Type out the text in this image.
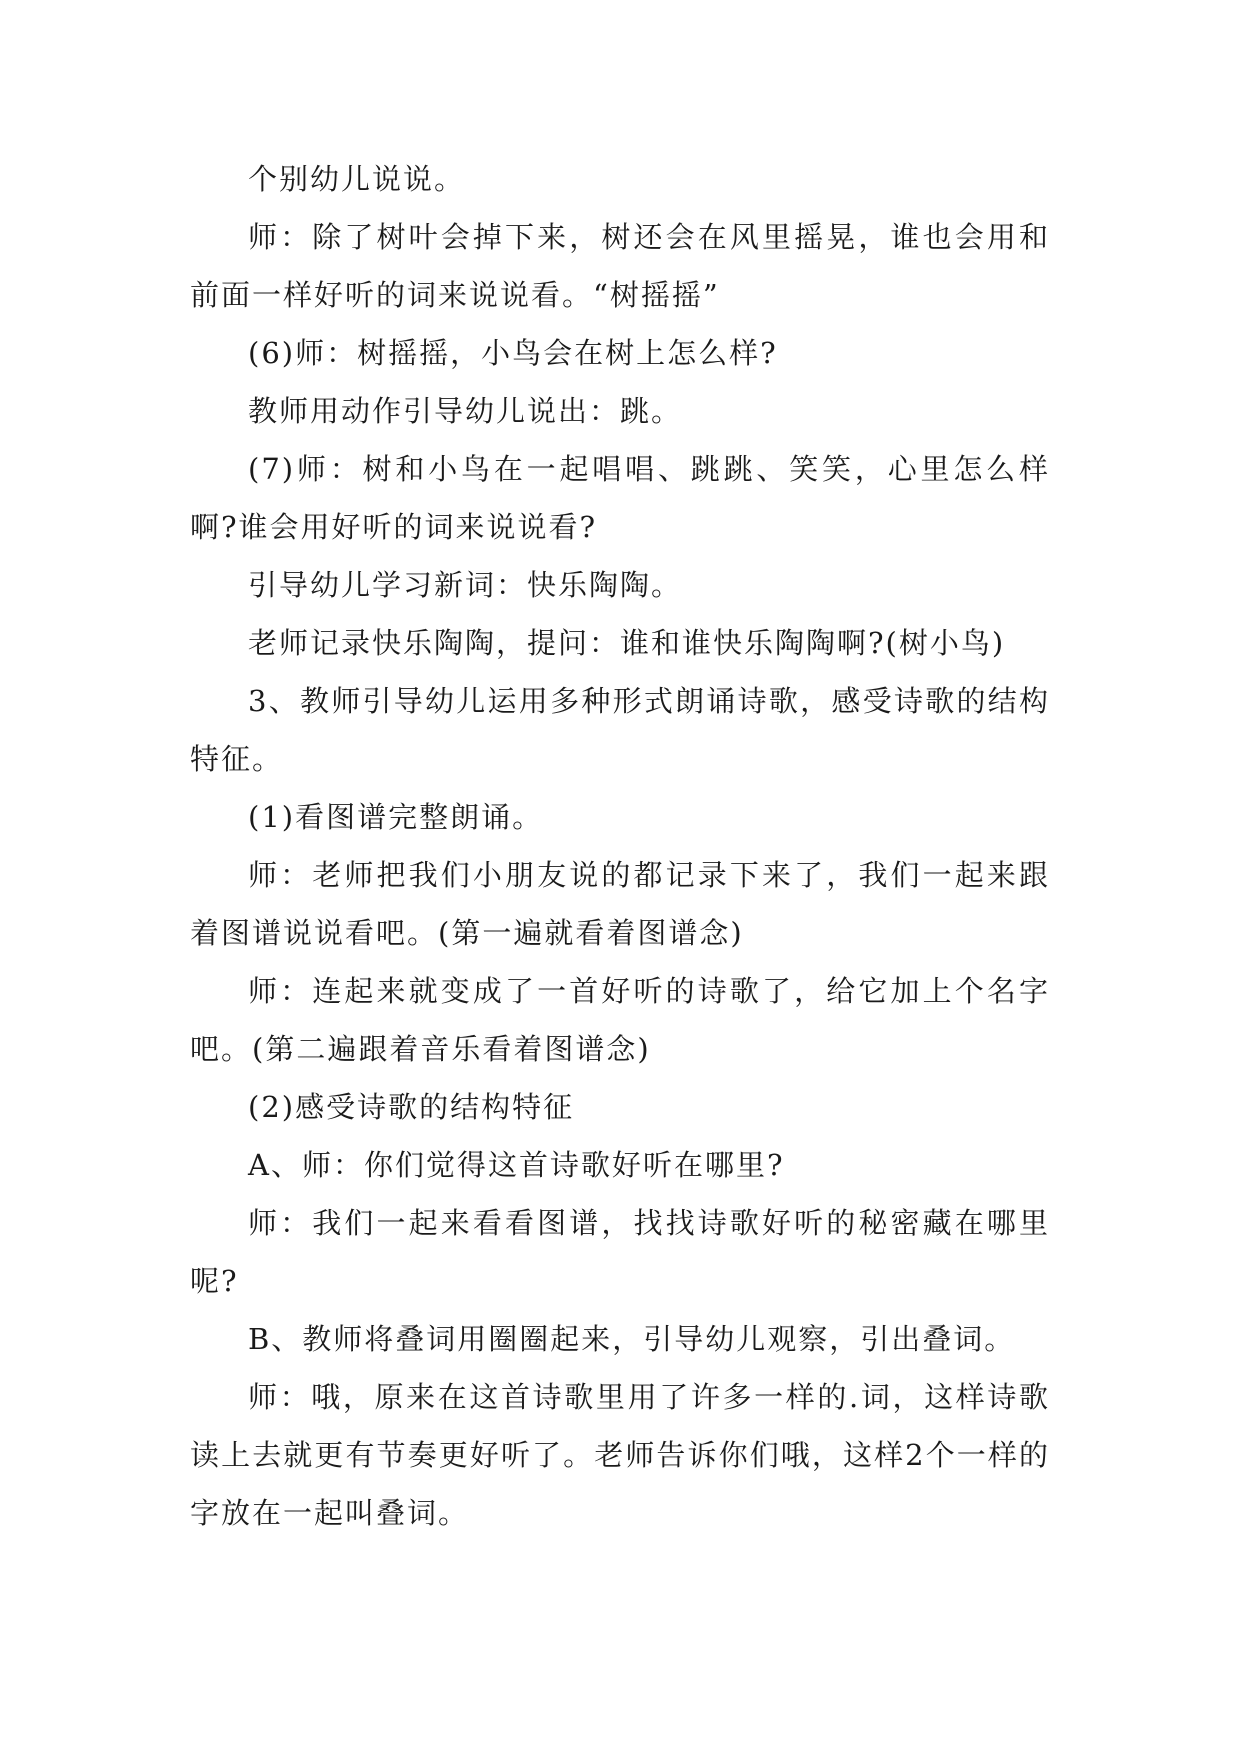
个别幼儿说说。

师：除了树叶会掉下来，树还会在风里摇晃，谁也会用和前面一样好听的词来说说看。“树摇摇”

(6)师：树摇摇，小鸟会在树上怎么样?

教师用动作引导幼儿说出：跳。

(7)师：树和小鸟在一起唱唱、跳跳、笑笑，心里怎么样啊?谁会用好听的词来说说看?

引导幼儿学习新词：快乐陶陶。

老师记录快乐陶陶，提问：谁和谁快乐陶陶啊?(树小鸟)

3、教师引导幼儿运用多种形式朗诵诗歌，感受诗歌的结构特征。

(1)看图谱完整朗诵。

师：老师把我们小朋友说的都记录下来了，我们一起来跟着图谱说说看吧。(第一遍就看着图谱念)

师：连起来就变成了一首好听的诗歌了，给它加上个名字吧。(第二遍跟着音乐看着图谱念)

(2)感受诗歌的结构特征

A、师：你们觉得这首诗歌好听在哪里?

师：我们一起来看看图谱，找找诗歌好听的秘密藏在哪里呢?

B、教师将叠词用圈圈起来，引导幼儿观察，引出叠词。

师：哦，原来在这首诗歌里用了许多一样的.词，这样诗歌读上去就更有节奏更好听了。老师告诉你们哦，这样2个一样的字放在一起叫叠词。
